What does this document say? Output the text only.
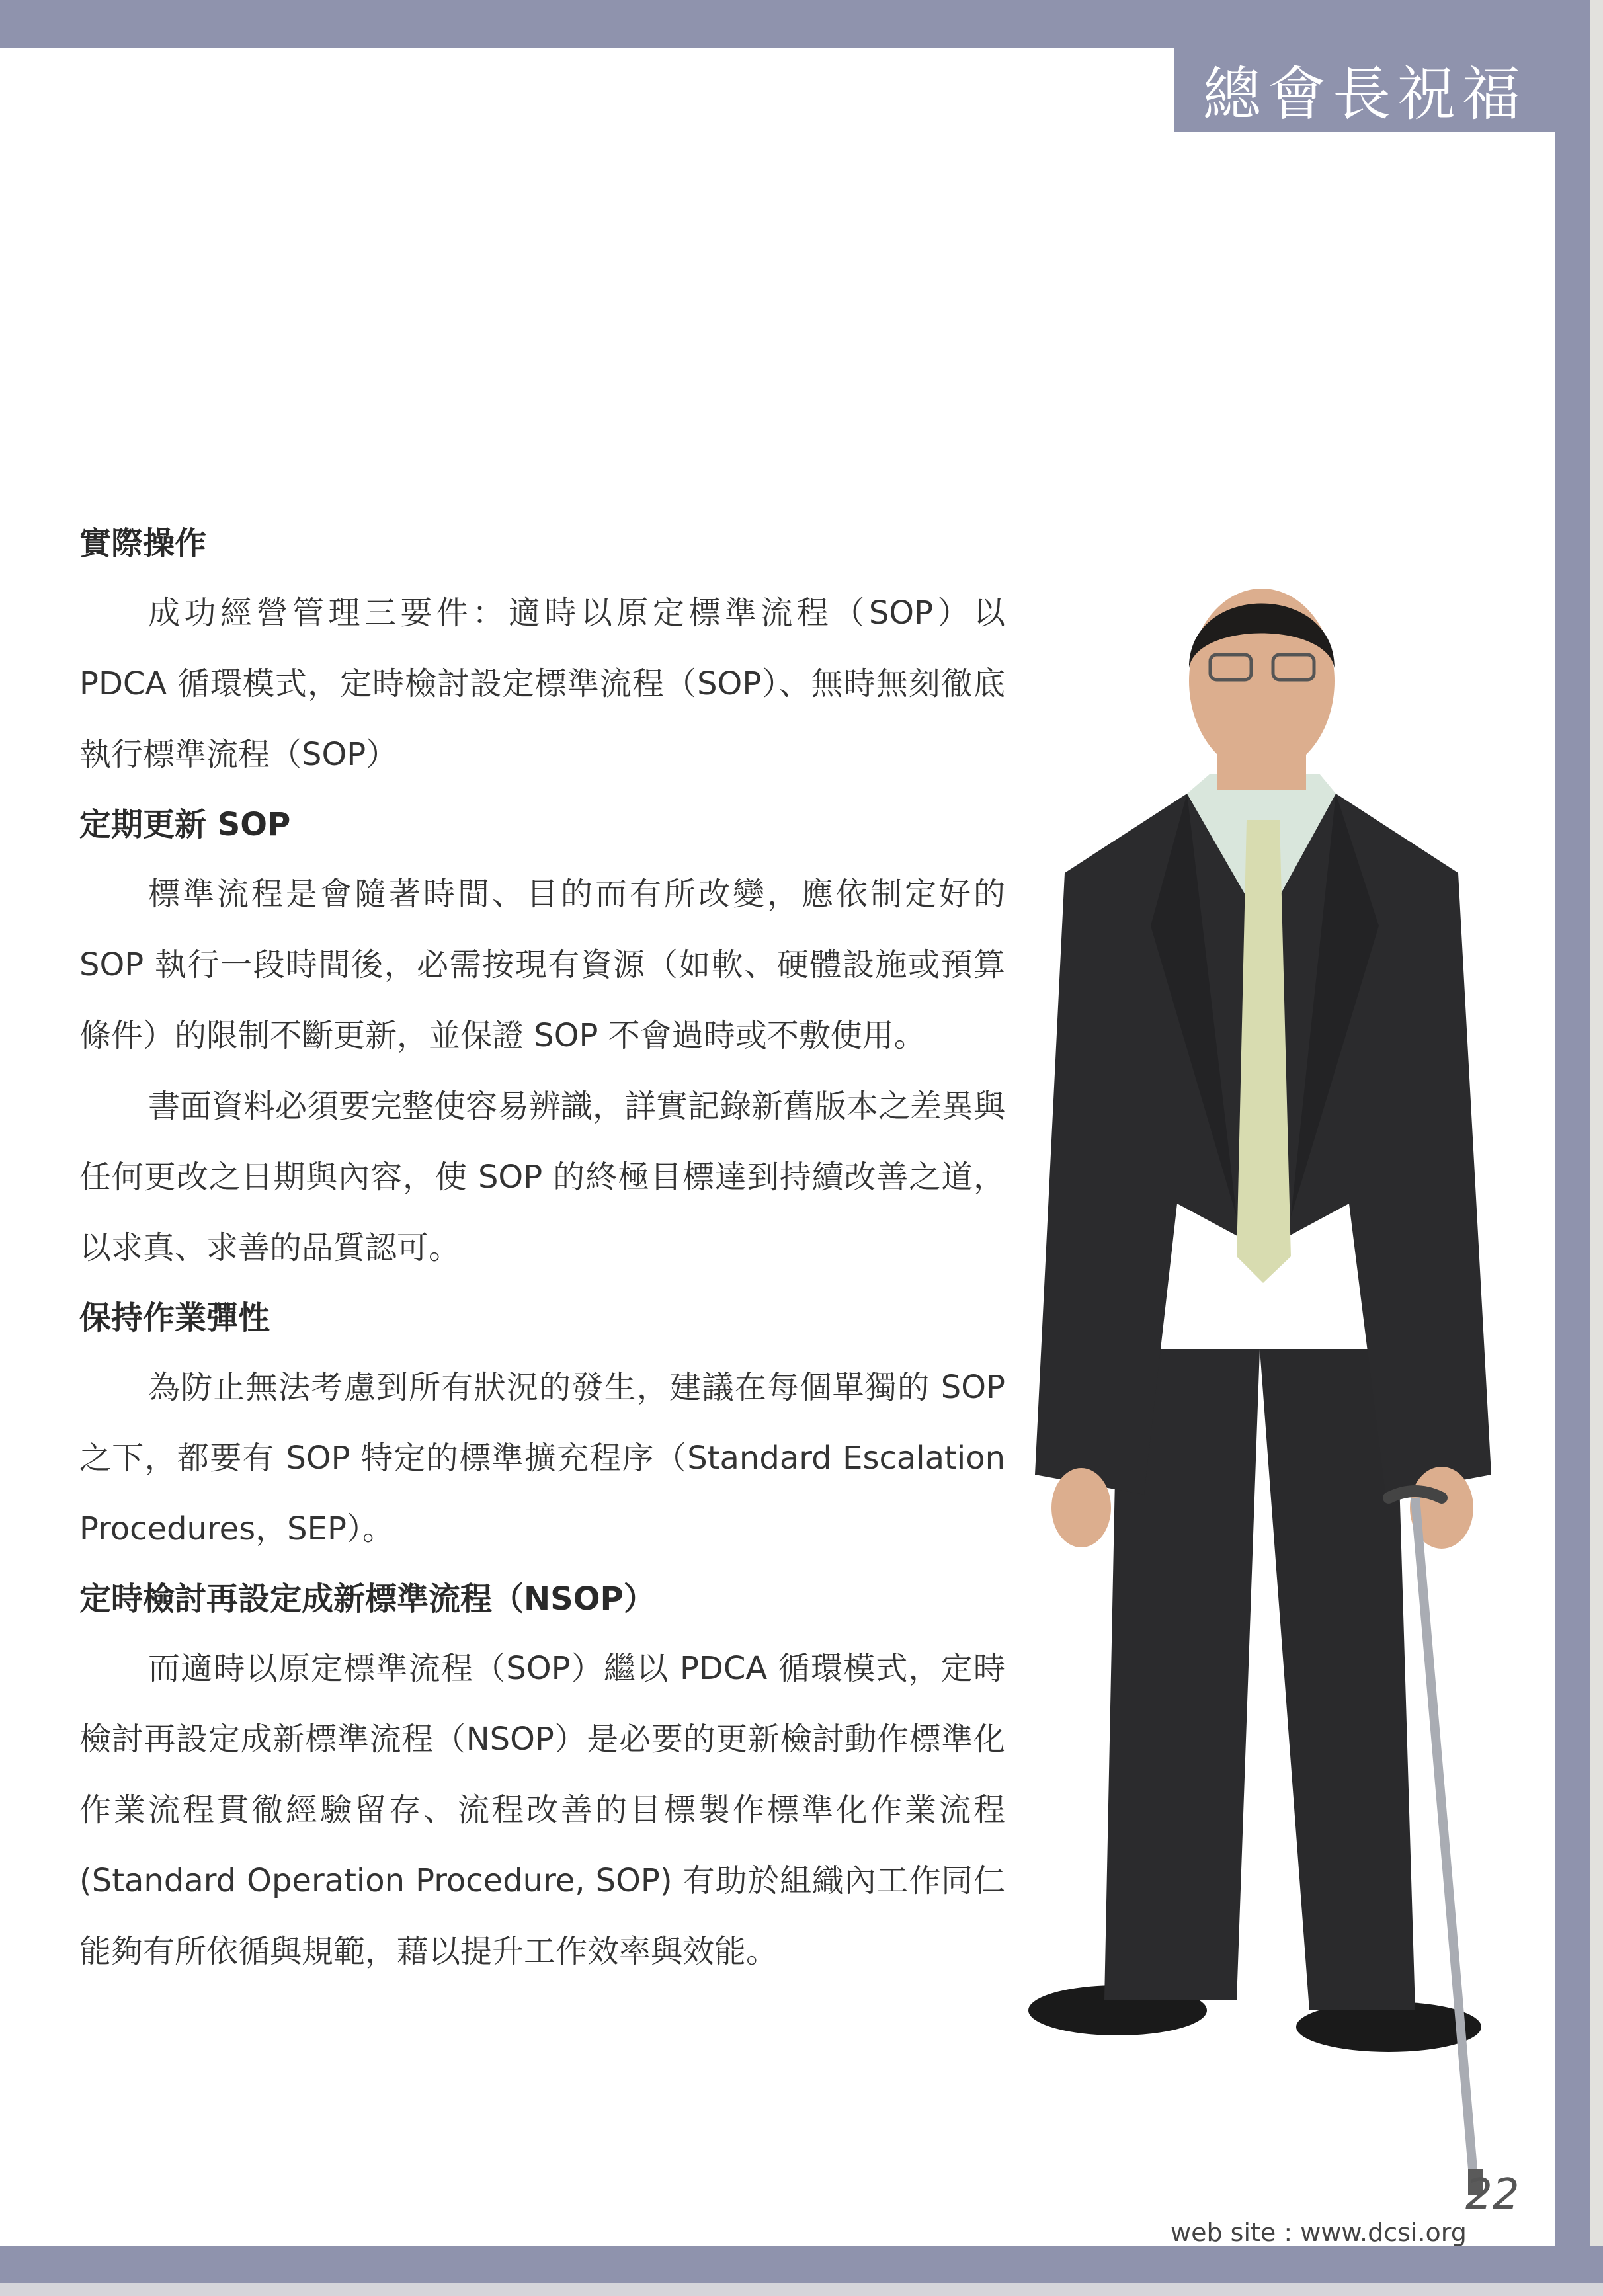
總會長祝福
實際操作

成功經營管理三要件：適時以原定標準流程（SOP）以 PDCA 循環模式，定時檢討設定標準流程（SOP）、無時無刻徹底執行標準流程（SOP）

定期更新 SOP

標準流程是會隨著時間、目的而有所改變，應依制定好的 SOP 執行一段時間後，必需按現有資源（如軟、硬體設施或預算條件）的限制不斷更新，並保證 SOP 不會過時或不敷使用。

書面資料必須要完整使容易辨識，詳實記錄新舊版本之差異與任何更改之日期與內容，使 SOP 的終極目標達到持續改善之道，以求真、求善的品質認可。

保持作業彈性

為防止無法考慮到所有狀況的發生，建議在每個單獨的 SOP 之下，都要有 SOP 特定的標準擴充程序（Standard Escalation Procedures，SEP）。

定時檢討再設定成新標準流程（NSOP）

而適時以原定標準流程（SOP）繼以 PDCA 循環模式，定時檢討再設定成新標準流程（NSOP）是必要的更新檢討動作標準化作業流程貫徹經驗留存、流程改善的目標製作標準化作業流程 (Standard Operation Procedure, SOP) 有助於組織內工作同仁能夠有所依循與規範，藉以提升工作效率與效能。

22
web site : www.dcsi.org
